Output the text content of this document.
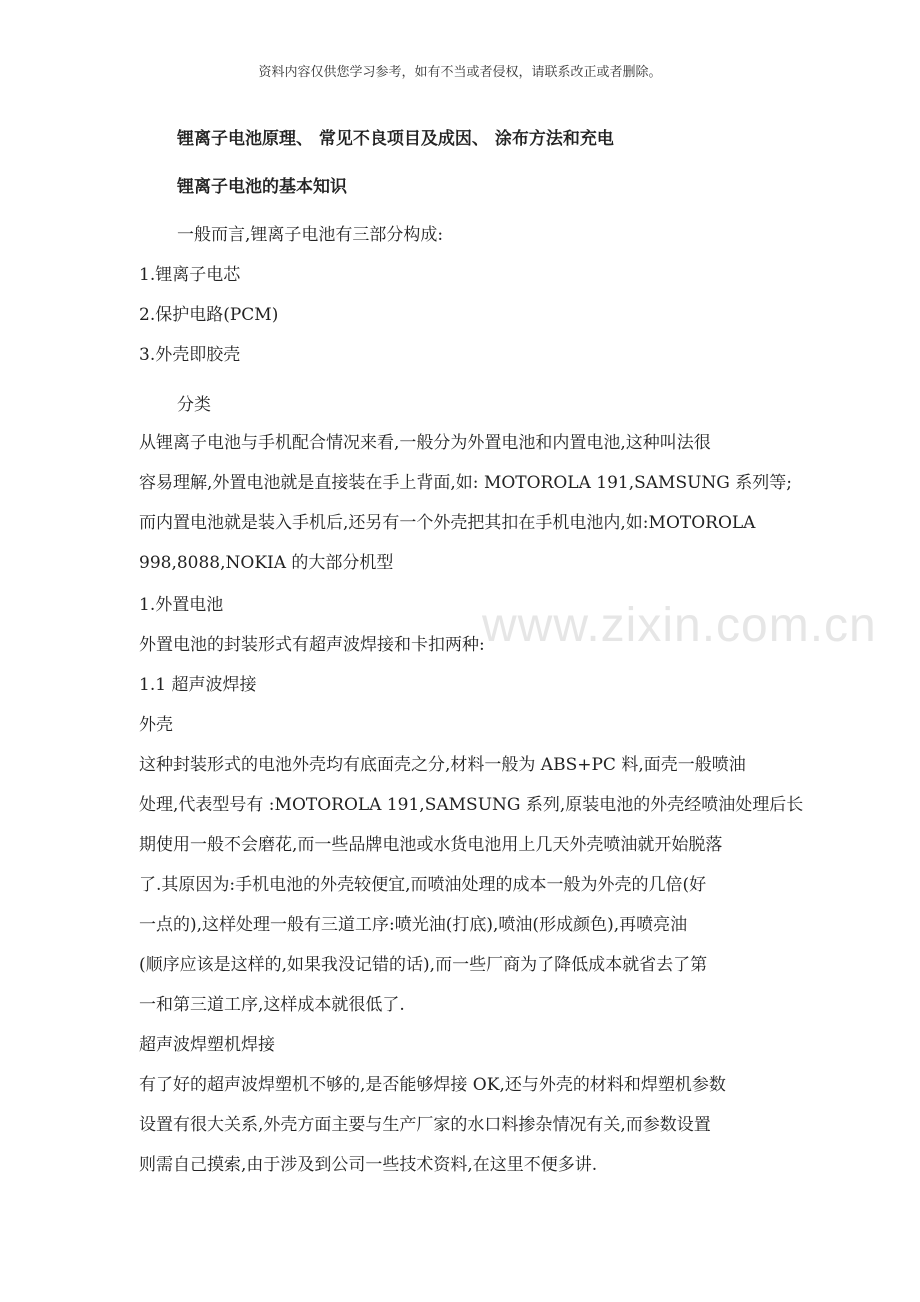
资料内容仅供您学习参考，如有不当或者侵权，请联系改正或者删除。
锂离子电池原理、 常见不良项目及成因、 涂布方法和充电
锂离子电池的基本知识
一般而言,锂离子电池有三部分构成:
1.锂离子电芯
2.保护电路(PCM)
3.外壳即胶壳
分类
从锂离子电池与手机配合情况来看,一般分为外置电池和内置电池,这种叫法很
容易理解,外置电池就是直接装在手上背面,如: MOTOROLA 191,SAMSUNG 系列等;
而内置电池就是装入手机后,还另有一个外壳把其扣在手机电池内,如:MOTOROLA
998,8088,NOKIA 的大部分机型
1.外置电池
外置电池的封装形式有超声波焊接和卡扣两种:
1.1 超声波焊接
外壳
这种封装形式的电池外壳均有底面壳之分,材料一般为 ABS+PC 料,面壳一般喷油
处理,代表型号有 :MOTOROLA 191,SAMSUNG 系列,原装电池的外壳经喷油处理后长
期使用一般不会磨花,而一些品牌电池或水货电池用上几天外壳喷油就开始脱落
了.其原因为:手机电池的外壳较便宜,而喷油处理的成本一般为外壳的几倍(好
一点的),这样处理一般有三道工序:喷光油(打底),喷油(形成颜色),再喷亮油
(顺序应该是这样的,如果我没记错的话),而一些厂商为了降低成本就省去了第
一和第三道工序,这样成本就很低了.
超声波焊塑机焊接
有了好的超声波焊塑机不够的,是否能够焊接 OK,还与外壳的材料和焊塑机参数
设置有很大关系,外壳方面主要与生产厂家的水口料掺杂情况有关,而参数设置
则需自己摸索,由于涉及到公司一些技术资料,在这里不便多讲.
www.zixin.com.cn
